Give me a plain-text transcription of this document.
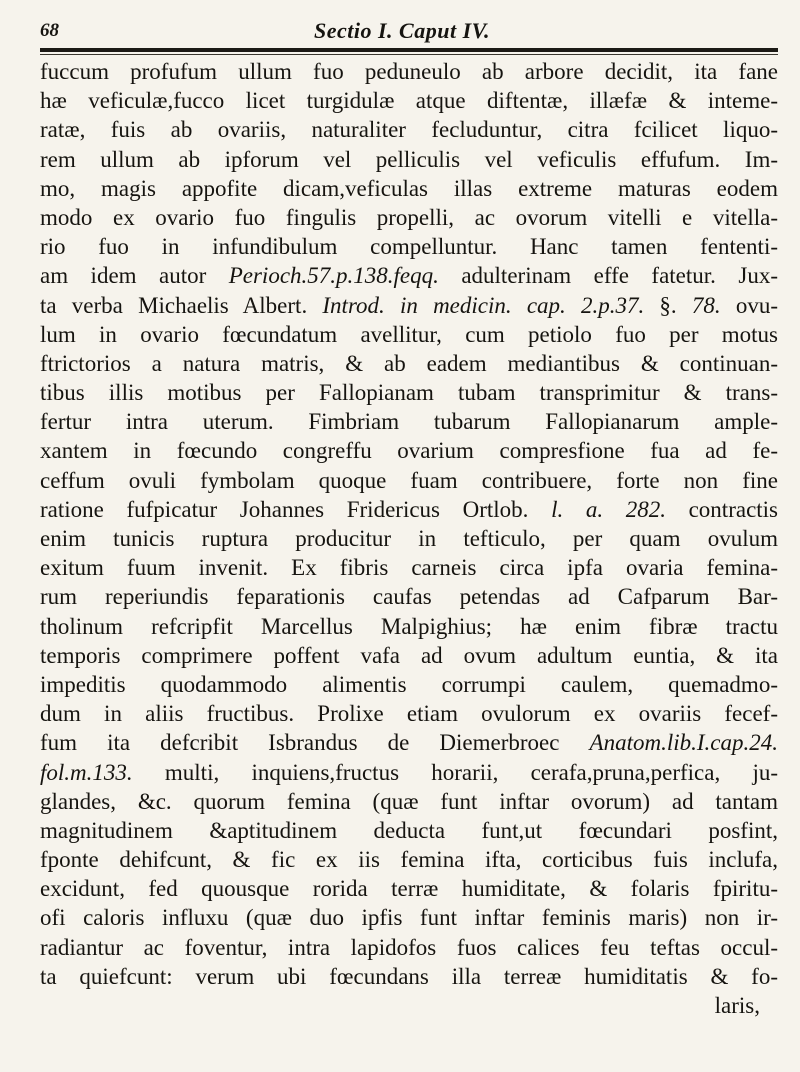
68	Sectio I. Caput IV.
fuccum profufum ullum fuo peduneulo ab arbore decidit, ita fane
hæ veficulæ,fucco licet turgidulæ atque diftentæ, illæfæ & inteme-
ratæ, fuis ab ovariis, naturaliter fecluduntur, citra fcilicet liquo-
rem ullum ab ipforum vel pelliculis vel veficulis effufum. Im-
mo, magis appofite dicam,veficulas illas extreme maturas eodem
modo ex ovario fuo fingulis propelli, ac ovorum vitelli e vitella-
rio fuo in infundibulum compelluntur. Hanc tamen fententi-
am idem autor Perioch.57.p.138.feqq. adulterinam effe fatetur. Jux-
ta verba Michaelis Albert. Introd. in medicin. cap. 2.p.37. §. 78. ovu-
lum in ovario fœcundatum avellitur, cum petiolo fuo per motus
ftrictorios a natura matris, & ab eadem mediantibus & continuan-
tibus illis motibus per Fallopianam tubam transprimitur & trans-
fertur intra uterum. Fimbriam tubarum Fallopianarum ample-
xantem in fœcundo congreffu ovarium compresfione fua ad fe-
ceffum ovuli fymbolam quoque fuam contribuere, forte non fine
ratione fufpicatur Johannes Fridericus Ortlob. l. a. 282. contractis
enim tunicis ruptura producitur in tefticulo, per quam ovulum
exitum fuum invenit. Ex fibris carneis circa ipfa ovaria femina-
rum reperiundis feparationis caufas petendas ad Cafparum Bar-
tholinum refcripfit Marcellus Malpighius; hæ enim fibræ tractu
temporis comprimere poffent vafa ad ovum adultum euntia, & ita
impeditis quodammodo alimentis corrumpi caulem, quemadmo-
dum in aliis fructibus. Prolixe etiam ovulorum ex ovariis fecef-
fum ita defcribit Isbrandus de Diemerbroec Anatom.lib.I.cap.24.
fol.m.133. multi, inquiens,fructus horarii, cerafa,pruna,perfica, ju-
glandes, &c. quorum femina (quæ funt inftar ovorum) ad tantam
magnitudinem &aptitudinem deducta funt,ut fœcundari posfint,
fponte dehifcunt, & fic ex iis femina ifta, corticibus fuis inclufa,
excidunt, fed quousque rorida terræ humiditate, & folaris fpiritu-
ofi caloris influxu (quæ duo ipfis funt inftar feminis maris) non ir-
radiantur ac foventur, intra lapidofos fuos calices feu teftas occul-
ta quiefcunt: verum ubi fœcundans illa terreæ humiditatis & fo-
laris,
